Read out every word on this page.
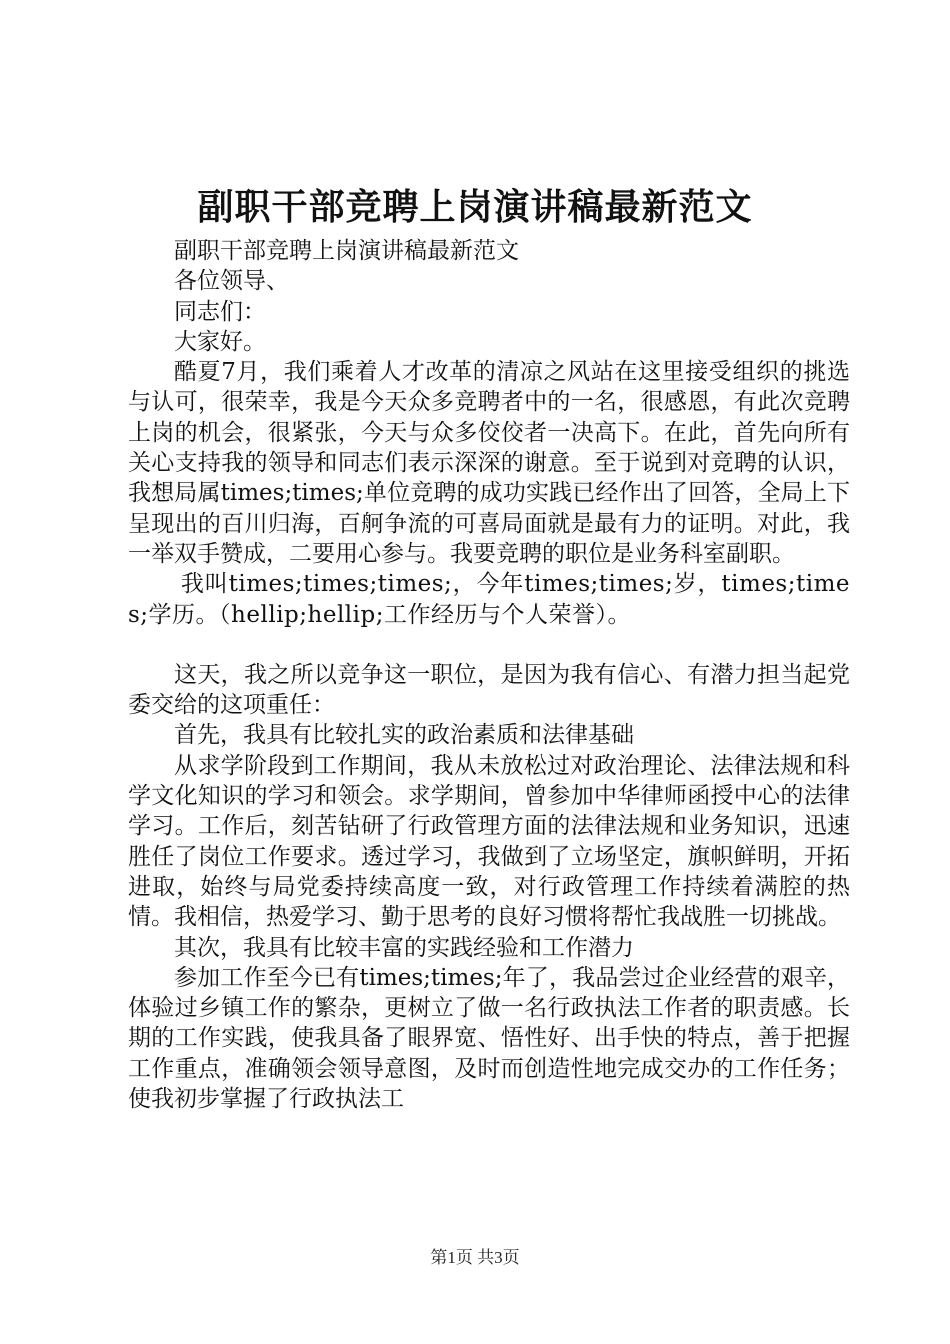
副职干部竞聘上岗演讲稿最新范文

副职干部竞聘上岗演讲稿最新范文

各位领导、

同志们：

大家好。

酷夏7月，我们乘着人才改革的清凉之风站在这里接受组织的挑选与认可，很荣幸，我是今天众多竞聘者中的一名，很感恩，有此次竞聘上岗的机会，很紧张，今天与众多佼佼者一决高下。在此，首先向所有关心支持我的领导和同志们表示深深的谢意。至于说到对竞聘的认识，我想局属times;times;单位竞聘的成功实践已经作出了回答，全局上下呈现出的百川归海，百舸争流的可喜局面就是最有力的证明。对此，我一举双手赞成，二要用心参与。我要竞聘的职位是业务科室副职。

我叫times;times;times;，今年times;times;岁，times;times;学历。（hellip;hellip;工作经历与个人荣誉）。

这天，我之所以竞争这一职位，是因为我有信心、有潜力担当起党委交给的这项重任：

首先，我具有比较扎实的政治素质和法律基础

从求学阶段到工作期间，我从未放松过对政治理论、法律法规和科学文化知识的学习和领会。求学期间，曾参加中华律师函授中心的法律学习。工作后，刻苦钻研了行政管理方面的法律法规和业务知识，迅速胜任了岗位工作要求。透过学习，我做到了立场坚定，旗帜鲜明，开拓进取，始终与局党委持续高度一致，对行政管理工作持续着满腔的热情。我相信，热爱学习、勤于思考的良好习惯将帮忙我战胜一切挑战。

其次，我具有比较丰富的实践经验和工作潜力

参加工作至今已有times;times;年了，我品尝过企业经营的艰辛，体验过乡镇工作的繁杂，更树立了做一名行政执法工作者的职责感。长期的工作实践，使我具备了眼界宽、悟性好、出手快的特点，善于把握工作重点，准确领会领导意图，及时而创造性地完成交办的工作任务；使我初步掌握了行政执法工

第1页 共3页
